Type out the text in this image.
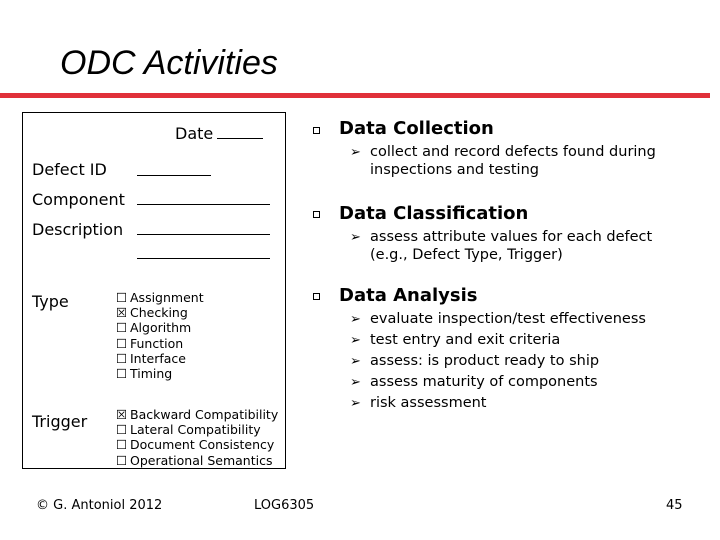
ODC Activities
Date
Defect ID
Component
Description
Type	☐ Assignment
☒ Checking
☐ Algorithm
☐ Function
☐ Interface
☐ Timing
Trigger ☒ Backward Compatibility
☐ Lateral Compatibility
☐ Document Consistency
☐ Operational Semantics
Data Collection
➢ collect and record defects found during inspections and testing
Data Classification
➢ assess attribute values for each defect (e.g., Defect Type, Trigger)
Data Analysis
➢ evaluate inspection/test effectiveness
➢ test entry and exit criteria
➢ assess: is product ready to ship
➢ assess maturity of components
➢ risk assessment
© G. Antoniol 2012	LOG6305	45
